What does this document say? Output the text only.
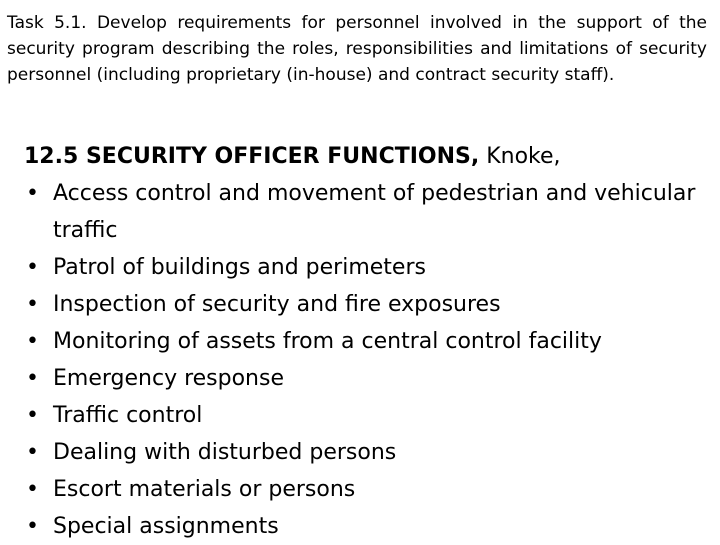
Task 5.1. Develop requirements for personnel involved in the support of the security program describing the roles, responsibilities and limitations of security personnel (including proprietary (in-house) and contract security staff).

12.5 SECURITY OFFICER FUNCTIONS, Knoke,
• Access control and movement of pedestrian and vehicular traffic
• Patrol of buildings and perimeters
• Inspection of security and fire exposures
• Monitoring of assets from a central control facility
• Emergency response
• Traffic control
• Dealing with disturbed persons
• Escort materials or persons
• Special assignments
